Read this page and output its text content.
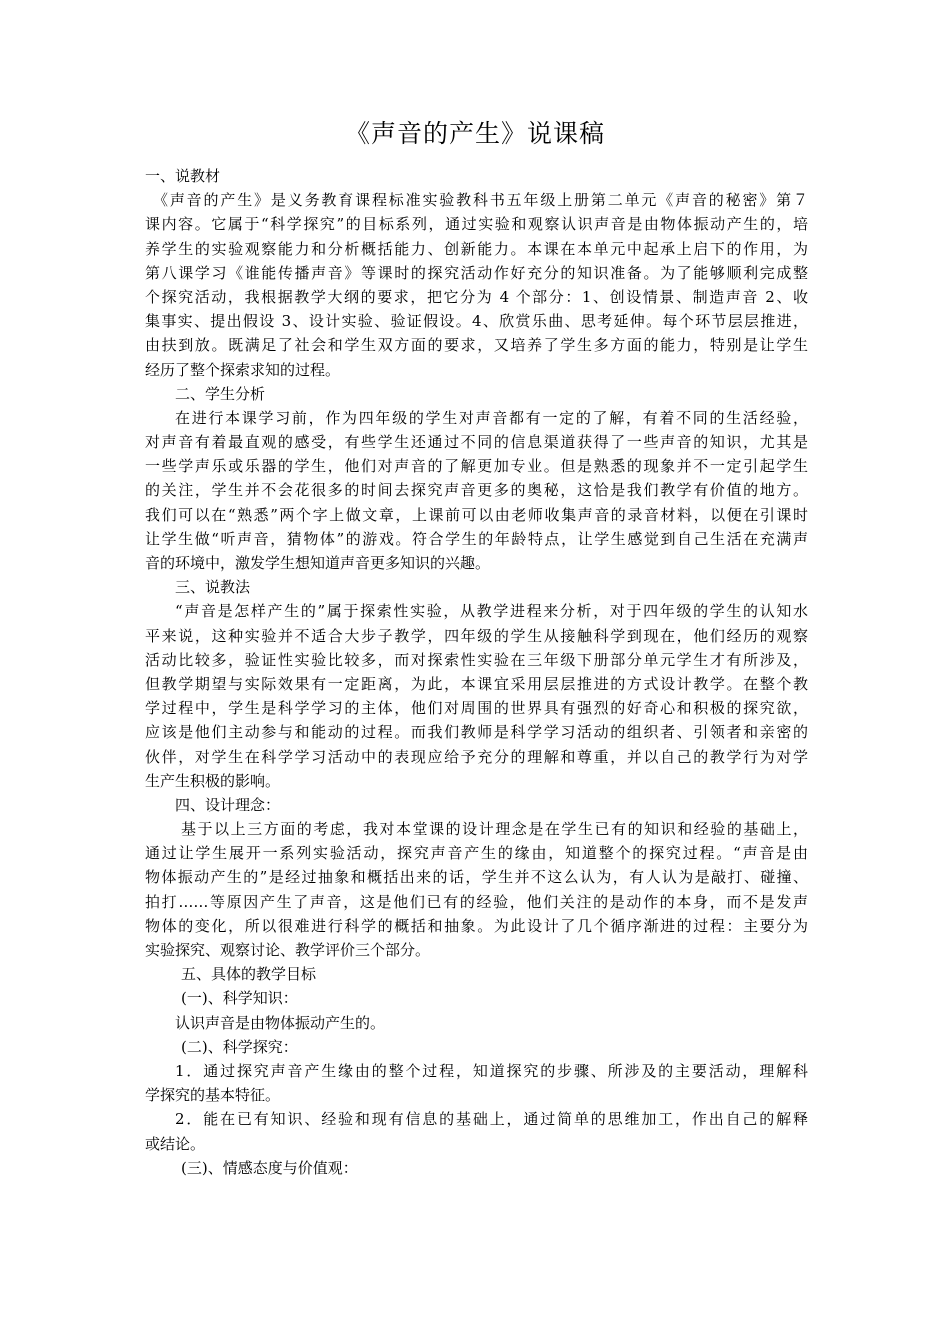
《声音的产生》说课稿
一、说教材
《声音的产生》是义务教育课程标准实验教科书五年级上册第二单元《声音的秘密》第７
课内容。它属于“科学探究”的目标系列，通过实验和观察认识声音是由物体振动产生的，培
养学生的实验观察能力和分析概括能力、创新能力。本课在本单元中起承上启下的作用，为
第八课学习《谁能传播声音》等课时的探究活动作好充分的知识准备。为了能够顺利完成整
个探究活动，我根据教学大纲的要求，把它分为 4 个部分：1、创设情景、制造声音 2、收
集事实、提出假设 3、设计实验、验证假设。4、欣赏乐曲、思考延伸。每个环节层层推进，
由扶到放。既满足了社会和学生双方面的要求，又培养了学生多方面的能力，特别是让学生
经历了整个探索求知的过程。
二、学生分析
在进行本课学习前，作为四年级的学生对声音都有一定的了解，有着不同的生活经验，
对声音有着最直观的感受，有些学生还通过不同的信息渠道获得了一些声音的知识，尤其是
一些学声乐或乐器的学生，他们对声音的了解更加专业。但是熟悉的现象并不一定引起学生
的关注，学生并不会花很多的时间去探究声音更多的奥秘，这恰是我们教学有价值的地方。
我们可以在“熟悉”两个字上做文章，上课前可以由老师收集声音的录音材料，以便在引课时
让学生做“听声音，猜物体”的游戏。符合学生的年龄特点，让学生感觉到自己生活在充满声
音的环境中，激发学生想知道声音更多知识的兴趣。
三、说教法
“声音是怎样产生的”属于探索性实验，从教学进程来分析，对于四年级的学生的认知水
平来说，这种实验并不适合大步子教学，四年级的学生从接触科学到现在，他们经历的观察
活动比较多，验证性实验比较多，而对探索性实验在三年级下册部分单元学生才有所涉及，
但教学期望与实际效果有一定距离，为此，本课宜采用层层推进的方式设计教学。在整个教
学过程中，学生是科学学习的主体，他们对周围的世界具有强烈的好奇心和积极的探究欲，
应该是他们主动参与和能动的过程。而我们教师是科学学习活动的组织者、引领者和亲密的
伙伴，对学生在科学学习活动中的表现应给予充分的理解和尊重，并以自己的教学行为对学
生产生积极的影响。
四、设计理念：
基于以上三方面的考虑，我对本堂课的设计理念是在学生已有的知识和经验的基础上，
通过让学生展开一系列实验活动，探究声音产生的缘由，知道整个的探究过程。“声音是由
物体振动产生的”是经过抽象和概括出来的话，学生并不这么认为，有人认为是敲打、碰撞、
拍打……等原因产生了声音，这是他们已有的经验，他们关注的是动作的本身，而不是发声
物体的变化，所以很难进行科学的概括和抽象。为此设计了几个循序渐进的过程：主要分为
实验探究、观察讨论、教学评价三个部分。
五、具体的教学目标
(一)、科学知识：
认识声音是由物体振动产生的。
(二)、科学探究：
1．通过探究声音产生缘由的整个过程，知道探究的步骤、所涉及的主要活动，理解科
学探究的基本特征。
2．能在已有知识、经验和现有信息的基础上，通过简单的思维加工，作出自己的解释
或结论。
(三)、情感态度与价值观：
